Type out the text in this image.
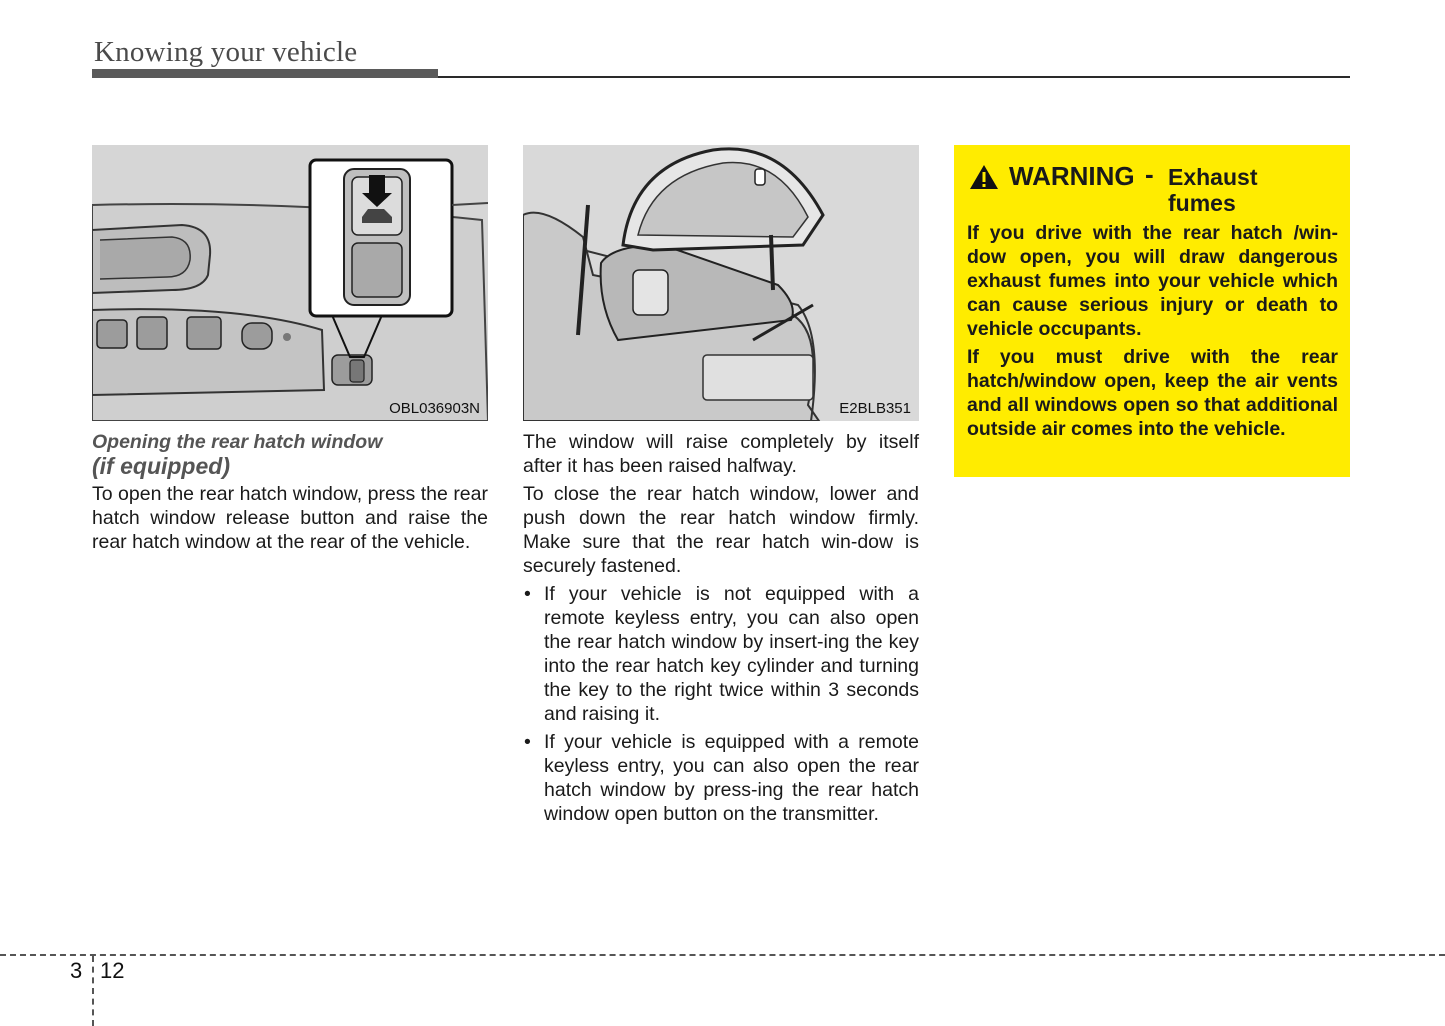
Knowing your vehicle
OBL036903N	E2BLB351
Opening the rear hatch window
(if equipped)

To open the rear hatch window, press the rear hatch window release button and raise the rear hatch window at the rear of the vehicle.

The window will raise completely by itself after it has been raised halfway.

To close the rear hatch window, lower and push down the rear hatch window firmly. Make sure that the rear hatch win-dow is securely fastened.

• If your vehicle is not equipped with a remote keyless entry, you can also open the rear hatch window by insert-ing the key into the rear hatch key cylinder and turning the key to the right twice within 3 seconds and raising it.
• If your vehicle is equipped with a remote keyless entry, you can also open the rear hatch window by press-ing the rear hatch window open button on the transmitter.
WARNING - Exhaust
fumes

If you drive with the rear hatch /win-dow open, you will draw dangerous exhaust fumes into your vehicle which can cause serious injury or death to vehicle occupants.

If you must drive with the rear hatch/window open, keep the air vents and all windows open so that additional outside air comes into the vehicle.

3 12
